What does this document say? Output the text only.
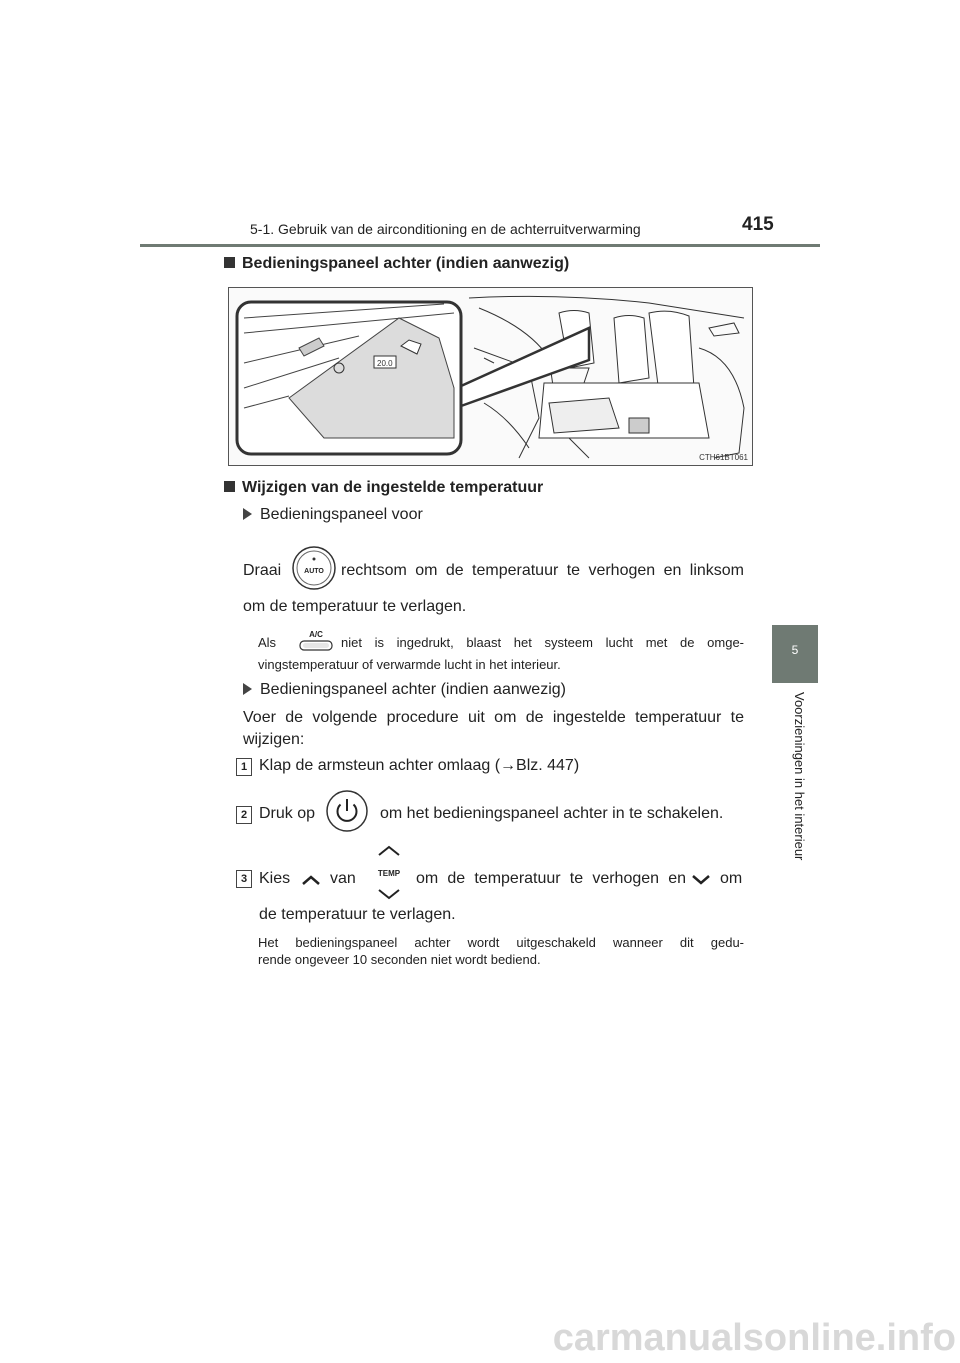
5-1. Gebruik van de airconditioning en de achterruitverwarming	415
5
Voorzieningen in het interieur
Bedieningspaneel achter (indien aanwezig)
20.0
CTH61BT061
Wijzigen van de ingestelde temperatuur
Bedieningspaneel voor
Draai	AUTO rechtsom om de temperatuur te verhogen en linksom
om de temperatuur te verlagen.
Als
A/C
niet is ingedrukt, blaast het systeem lucht met de omge-
vingstemperatuur of verwarmde lucht in het interieur.
Bedieningspaneel achter (indien aanwezig)
Voer de volgende procedure uit om de ingestelde temperatuur te
wijzigen:
1 Klap de armsteun achter omlaag (→Blz. 447)
2 Druk op	om het bedieningspaneel achter in te schakelen.
3 Kies van	TEMP om de temperatuur te verhogen en om
de temperatuur te verlagen.
Het bedieningspaneel achter wordt uitgeschakeld wanneer dit gedu-
rende ongeveer 10 seconden niet wordt bediend.
carmanualsonline.info
